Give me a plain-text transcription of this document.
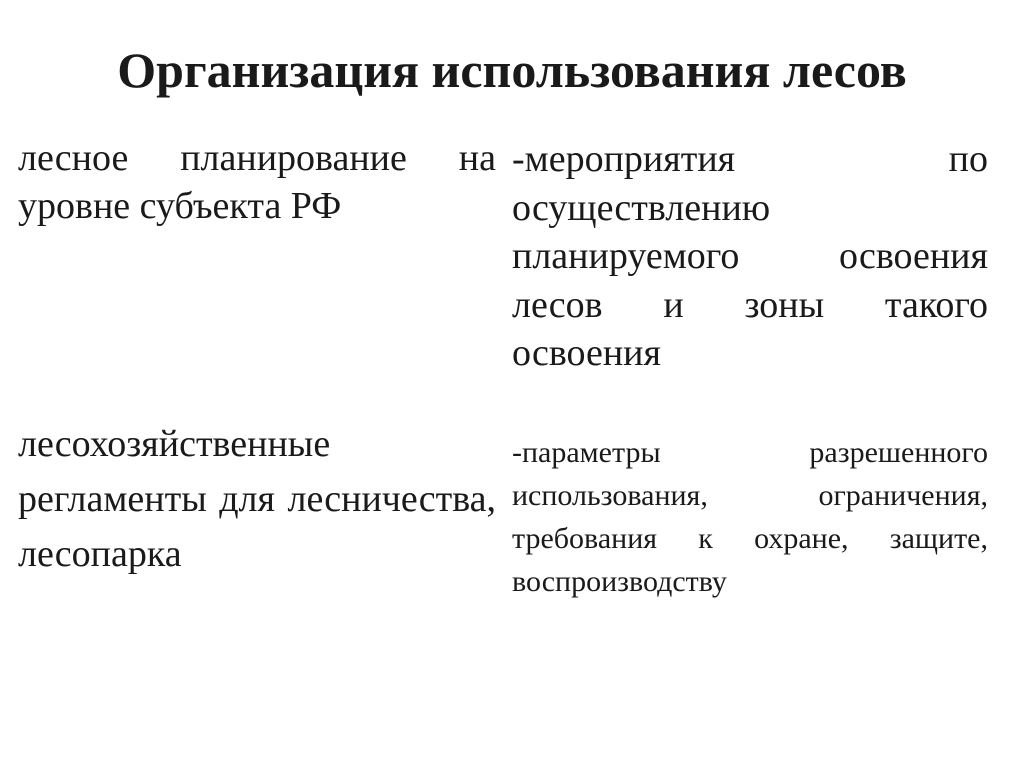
Организация использования лесов
лесное планирование на уровне субъекта РФ
-мероприятия по осуществлению планируемого освоения лесов и зоны такого освоения
лесохозяйственные регламенты для лесничества, лесопарка
-параметры разрешенного использования, ограничения, требования к охране, защите, воспроизводству
